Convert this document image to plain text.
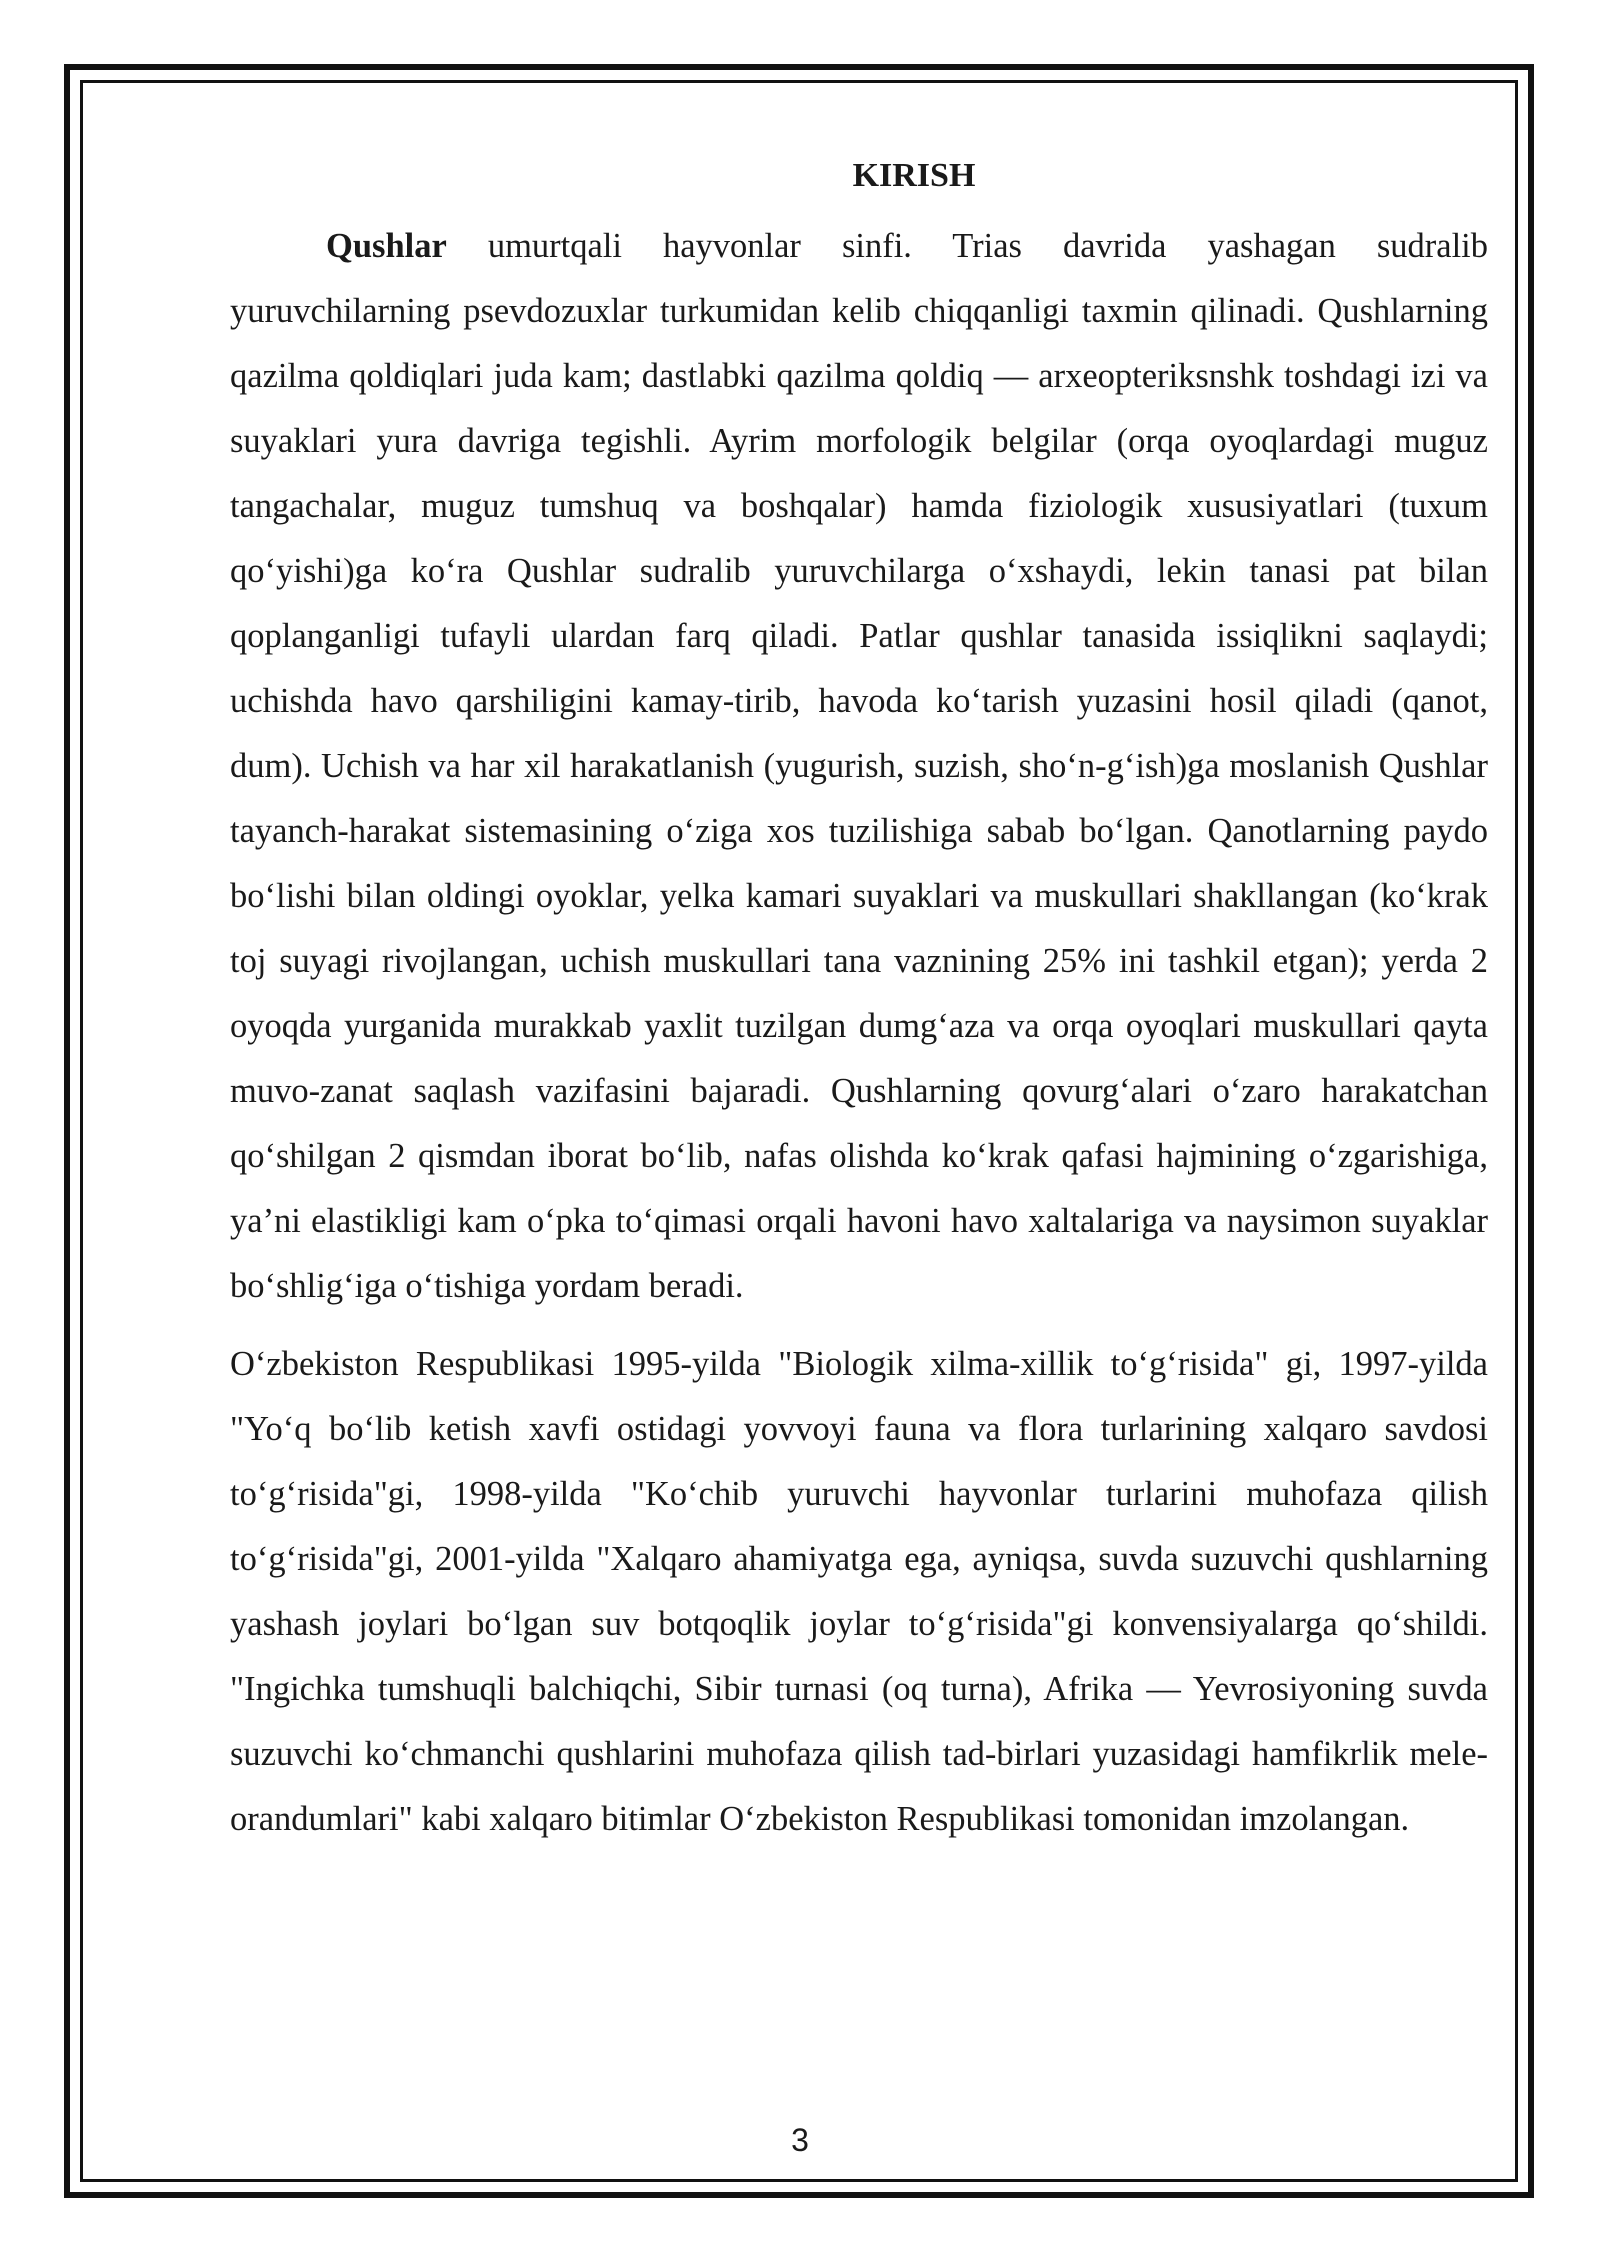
KIRISH

Qushlar umurtqali hayvonlar sinfi. Trias davrida yashagan sudralib yuruvchilarning psevdozuxlar turkumidan kelib chiqqanligi taxmin qilinadi. Qushlarning qazilma qoldiqlari juda kam; dastlabki qazilma qoldiq — arxeopteriksnshk toshdagi izi va suyaklari yura davriga tegishli. Ayrim morfologik belgilar (orqa oyoqlardagi muguz tangachalar, muguz tumshuq va boshqalar) hamda fiziologik xususiyatlari (tuxum qoʻyishi)ga koʻra Qushlar sudralib yuruvchilarga oʻxshaydi, lekin tanasi pat bilan qoplanganligi tufayli ulardan farq qiladi. Patlar qushlar tanasida issiqlikni saqlaydi; uchishda havo qarshiligini kamay-tirib, havoda koʻtarish yuzasini hosil qiladi (qanot, dum). Uchish va har xil harakatlanish (yugurish, suzish, shoʻn-gʻish)ga moslanish Qushlar tayanch-harakat sistemasining oʻziga xos tuzilishiga sabab boʻlgan. Qanotlarning paydo boʻlishi bilan oldingi oyoklar, yelka kamari suyaklari va muskullari shakllangan (koʻkrak toj suyagi rivojlangan, uchish muskullari tana vaznining 25% ini tashkil etgan); yerda 2 oyoqda yurganida murakkab yaxlit tuzilgan dumgʻaza va orqa oyoqlari muskullari qayta muvo-zanat saqlash vazifasini bajaradi. Qushlarning qovurgʻalari oʻzaro harakatchan qoʻshilgan 2 qismdan iborat boʻlib, nafas olishda koʻkrak qafasi hajmining oʻzgarishiga, ya’ni elastikligi kam oʻpka toʻqimasi orqali havoni havo xaltalariga va naysimon suyaklar boʻshligʻiga oʻtishiga yordam beradi.

Oʻzbekiston Respublikasi 1995-yilda "Biologik xilma-xillik toʻgʻrisida" gi, 1997-yilda "Yoʻq boʻlib ketish xavfi ostidagi yovvoyi fauna va flora turlarining xalqaro savdosi toʻgʻrisida"gi, 1998-yilda "Koʻchib yuruvchi hayvonlar turlarini muhofaza qilish toʻgʻrisida"gi, 2001-yilda "Xalqaro ahamiyatga ega, ayniqsa, suvda suzuvchi qushlarning yashash joylari boʻlgan suv botqoqlik joylar toʻgʻrisida"gi konvensiyalarga qoʻshildi. "Ingichka tumshuqli balchiqchi, Sibir turnasi (oq turna), Afrika — Yevrosiyoning suvda suzuvchi koʻchmanchi qushlarini muhofaza qilish tad-birlari yuzasidagi hamfikrlik mele-orandumlari" kabi xalqaro bitimlar Oʻzbekiston Respublikasi tomonidan imzolangan.

3
